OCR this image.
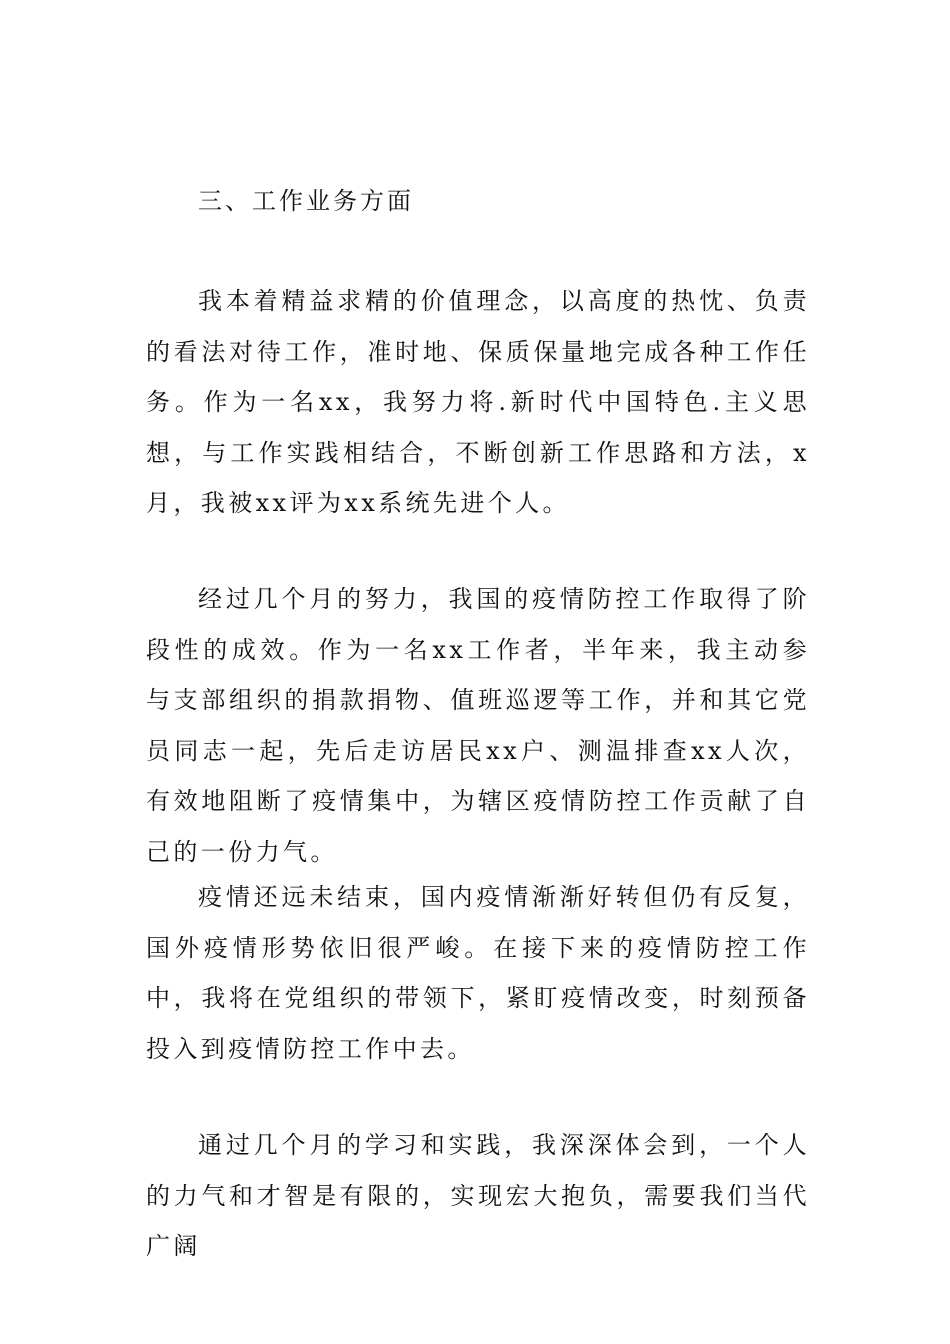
三、工作业务方面

我本着精益求精的价值理念，以高度的热忱、负责的看法对待工作，准时地、保质保量地完成各种工作任务。作为一名xx，我努力将.新时代中国特色.主义思想，与工作实践相结合，不断创新工作思路和方法，x月，我被xx评为xx系统先进个人。

经过几个月的努力，我国的疫情防控工作取得了阶段性的成效。作为一名xx工作者，半年来，我主动参与支部组织的捐款捐物、值班巡逻等工作，并和其它党员同志一起，先后走访居民xx户、测温排查xx人次，有效地阻断了疫情集中，为辖区疫情防控工作贡献了自己的一份力气。

疫情还远未结束，国内疫情渐渐好转但仍有反复，国外疫情形势依旧很严峻。在接下来的疫情防控工作中，我将在党组织的带领下，紧盯疫情改变，时刻预备投入到疫情防控工作中去。

通过几个月的学习和实践，我深深体会到，一个人的力气和才智是有限的，实现宏大抱负，需要我们当代广阔
